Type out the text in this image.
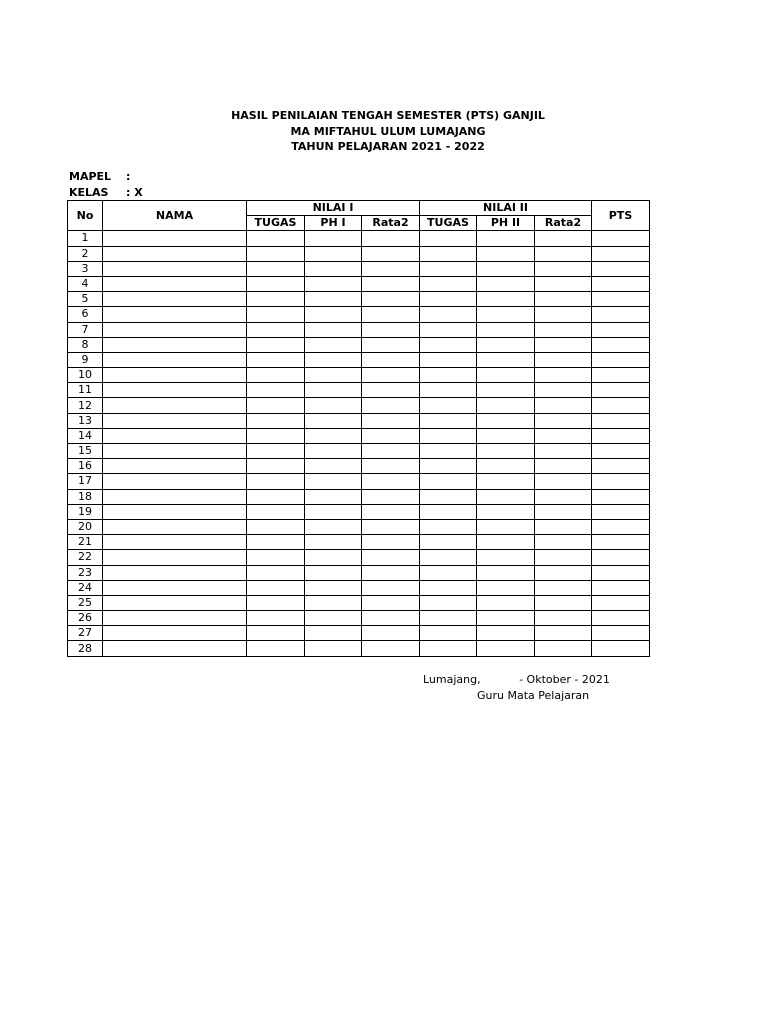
HASIL PENILAIAN TENGAH SEMESTER (PTS) GANJIL
MA MIFTAHUL ULUM LUMAJANG
TAHUN PELAJARAN 2021 - 2022
MAPEL :
KELAS : X
No	NAMA	NILAI I			NILAI II			PTS
		TUGAS	PH I	Rata2	TUGAS	PH II	Rata2	
1								
2								
3								
4								
5								
6								
7								
8								
9								
10								
11								
12								
13								
14								
15								
16								
17								
18								
19								
20								
21								
22								
23								
24								
25								
26								
27								
28								
Lumajang,           - Oktober - 2021
Guru Mata Pelajaran
